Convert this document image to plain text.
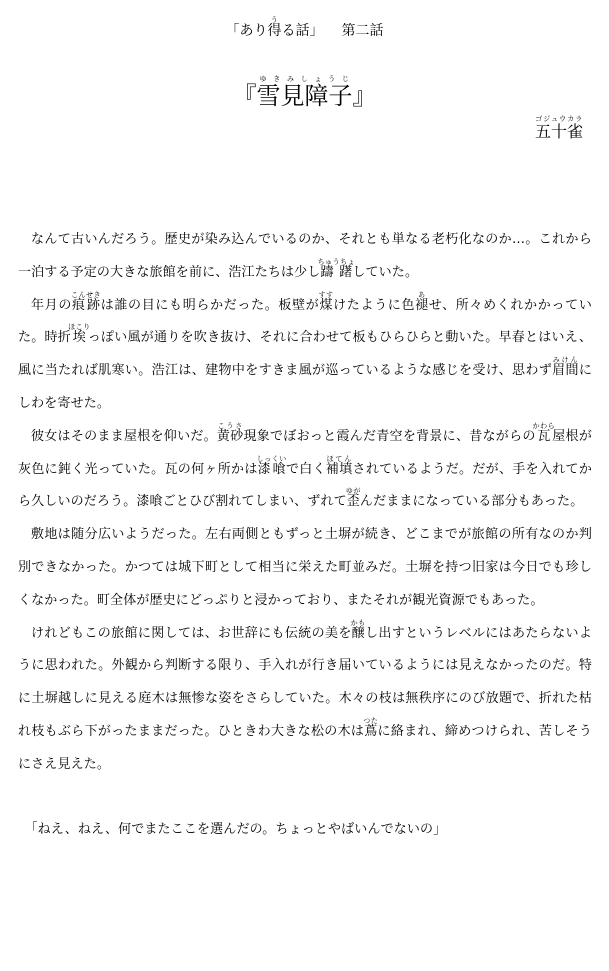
「あり得うる話」 第二話
『雪見障子ゆきみしょうじ』
五十雀ゴジュウカラ

なんて古いんだろう。歴史が染み込んでいるのか、それとも単なる老朽化なのか…。これから一泊する予定の大きな旅館を前に、浩江たちは少し躊躇ちゅうちょしていた。

年月の痕跡こんせきは誰の目にも明らかだった。板壁が煤すすけたように色褪あせ、所々めくれかかっていた。時折埃ほこりっぽい風が通りを吹き抜け、それに合わせて板もひらひらと動いた。早春とはいえ、風に当たれば肌寒い。浩江は、建物中をすきま風が巡っているような感じを受け、思わず眉間みけんにしわを寄せた。

彼女はそのまま屋根を仰いだ。黄砂こうさ現象でぼおっと霞んだ青空を背景に、昔ながらの瓦かわら屋根が灰色に鈍く光っていた。瓦の何ヶ所かは漆喰しっくいで白く補填ほてんされているようだ。だが、手を入れてから久しいのだろう。漆喰ごとひび割れてしまい、ずれて歪ゆがんだままになっている部分もあった。

敷地は随分広いようだった。左右両側ともずっと土塀が続き、どこまでが旅館の所有なのか判別できなかった。かつては城下町として相当に栄えた町並みだ。土塀を持つ旧家は今日でも珍しくなかった。町全体が歴史にどっぷりと浸かっており、またそれが観光資源でもあった。

けれどもこの旅館に関しては、お世辞にも伝統の美を醸かもし出すというレベルにはあたらないように思われた。外観から判断する限り、手入れが行き届いているようには見えなかったのだ。特に土塀越しに見える庭木は無惨な姿をさらしていた。木々の枝は無秩序にのび放題で、折れた枯れ枝もぶら下がったままだった。ひときわ大きな松の木は蔦つたに絡まれ、締めつけられ、苦しそうにさえ見えた。

「ねえ、ねえ、何でまたここを選んだの。ちょっとやばいんでないの」
